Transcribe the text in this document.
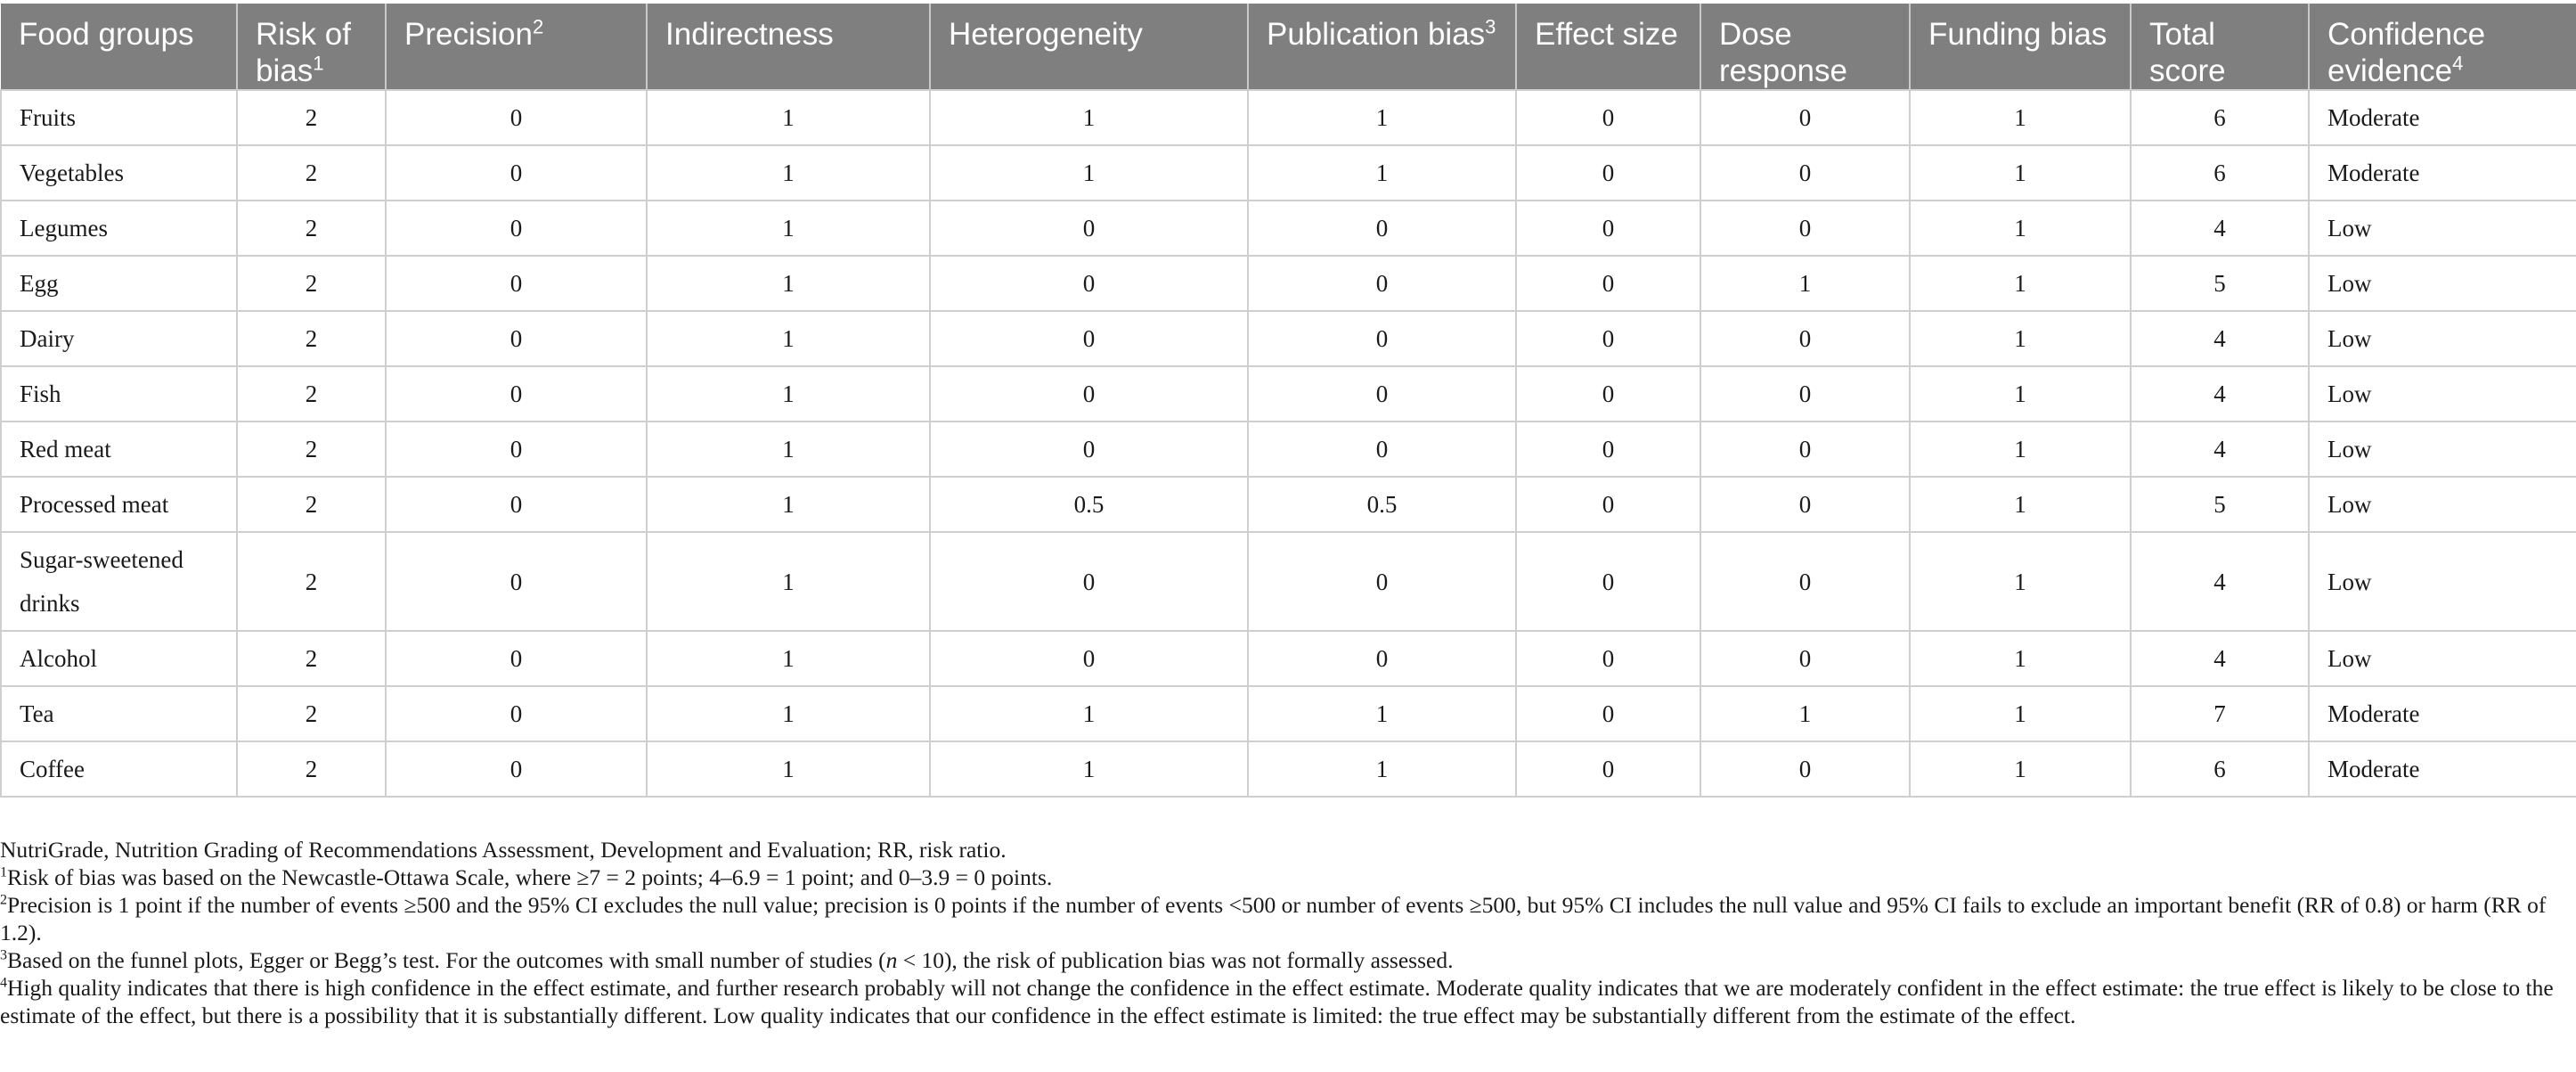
Food groups	Risk of bias$^1$	Precision$^2$	Indirectness	Heterogeneity	Publication bias$^3$	Effect size	Dose response	Funding bias	Total score	Confidence evidence$^4$
Fruits	2	0	1	1	1	0	0	1	6	Moderate
Vegetables	2	0	1	1	1	0	0	1	6	Moderate
Legumes	2	0	1	0	0	0	0	1	4	Low
Egg	2	0	1	0	0	0	1	1	5	Low
Dairy	2	0	1	0	0	0	0	1	4	Low
Fish	2	0	1	0	0	0	0	1	4	Low
Red meat	2	0	1	0	0	0	0	1	4	Low
Processed meat	2	0	1	0.5	0.5	0	0	1	5	Low
Sugar-sweetened drinks	2	0	1	0	0	0	0	1	4	Low
Alcohol	2	0	1	0	0	0	0	1	4	Low
Tea	2	0	1	1	1	0	1	1	7	Moderate
Coffee	2	0	1	1	1	0	0	1	6	Moderate

NutriGrade, Nutrition Grading of Recommendations Assessment, Development and Evaluation; RR, risk ratio.

$^1$Risk of bias was based on the Newcastle-Ottawa Scale, where ≥7 = 2 points; 4–6.9 = 1 point; and 0–3.9 = 0 points.

$^2$Precision is 1 point if the number of events ≥500 and the 95% CI excludes the null value; precision is 0 points if the number of events <500 or number of events ≥500, but 95% CI includes the null value and 95% CI fails to exclude an important benefit (RR of 0.8) or harm (RR of 1.2).

$^3$Based on the funnel plots, Egger or Begg’s test. For the outcomes with small number of studies (n < 10), the risk of publication bias was not formally assessed.

$^4$High quality indicates that there is high confidence in the effect estimate, and further research probably will not change the confidence in the effect estimate. Moderate quality indicates that we are moderately confident in the effect estimate: the true effect is likely to be close to the estimate of the effect, but there is a possibility that it is substantially different. Low quality indicates that our confidence in the effect estimate is limited: the true effect may be substantially different from the estimate of the effect.
